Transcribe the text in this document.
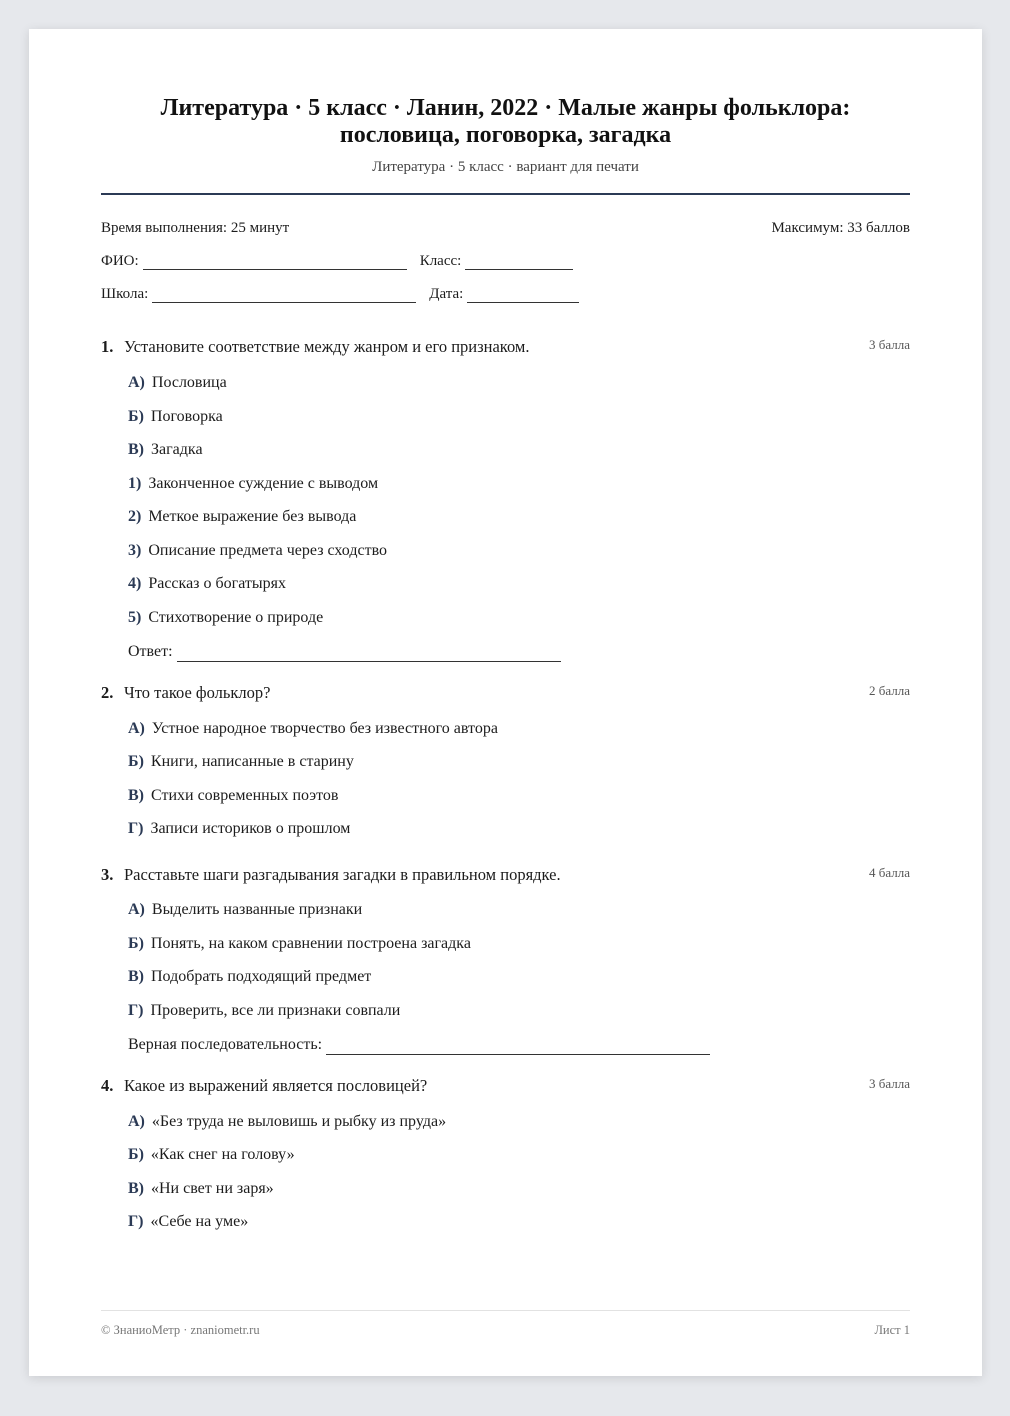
Литература · 5 класс · Ланин, 2022 · Малые жанры фольклора:
пословица, поговорка, загадка
Литература · 5 класс · вариант для печати
Время выполнения: 25 минут	Максимум: 33 баллов
ФИО:	Класс:
Школа:	Дата:
1. Установите соответствие между жанром и его признаком.	3 балла
А) Пословица
Б) Поговорка
В) Загадка
1) Законченное суждение с выводом
2) Меткое выражение без вывода
3) Описание предмета через сходство
4) Рассказ о богатырях
5) Стихотворение о природе
Ответ:
2. Что такое фольклор?	2 балла
А) Устное народное творчество без известного автора
Б) Книги, написанные в старину
В) Стихи современных поэтов
Г) Записи историков о прошлом
3. Расставьте шаги разгадывания загадки в правильном порядке.	4 балла
А) Выделить названные признаки
Б) Понять, на каком сравнении построена загадка
В) Подобрать подходящий предмет
Г) Проверить, все ли признаки совпали
Верная последовательность:
4. Какое из выражений является пословицей?	3 балла
А) «Без труда не выловишь и рыбку из пруда»
Б) «Как снег на голову»
В) «Ни свет ни заря»
Г) «Себе на уме»
© ЗнаниоМетр · znaniometr.ru	Лист 1
